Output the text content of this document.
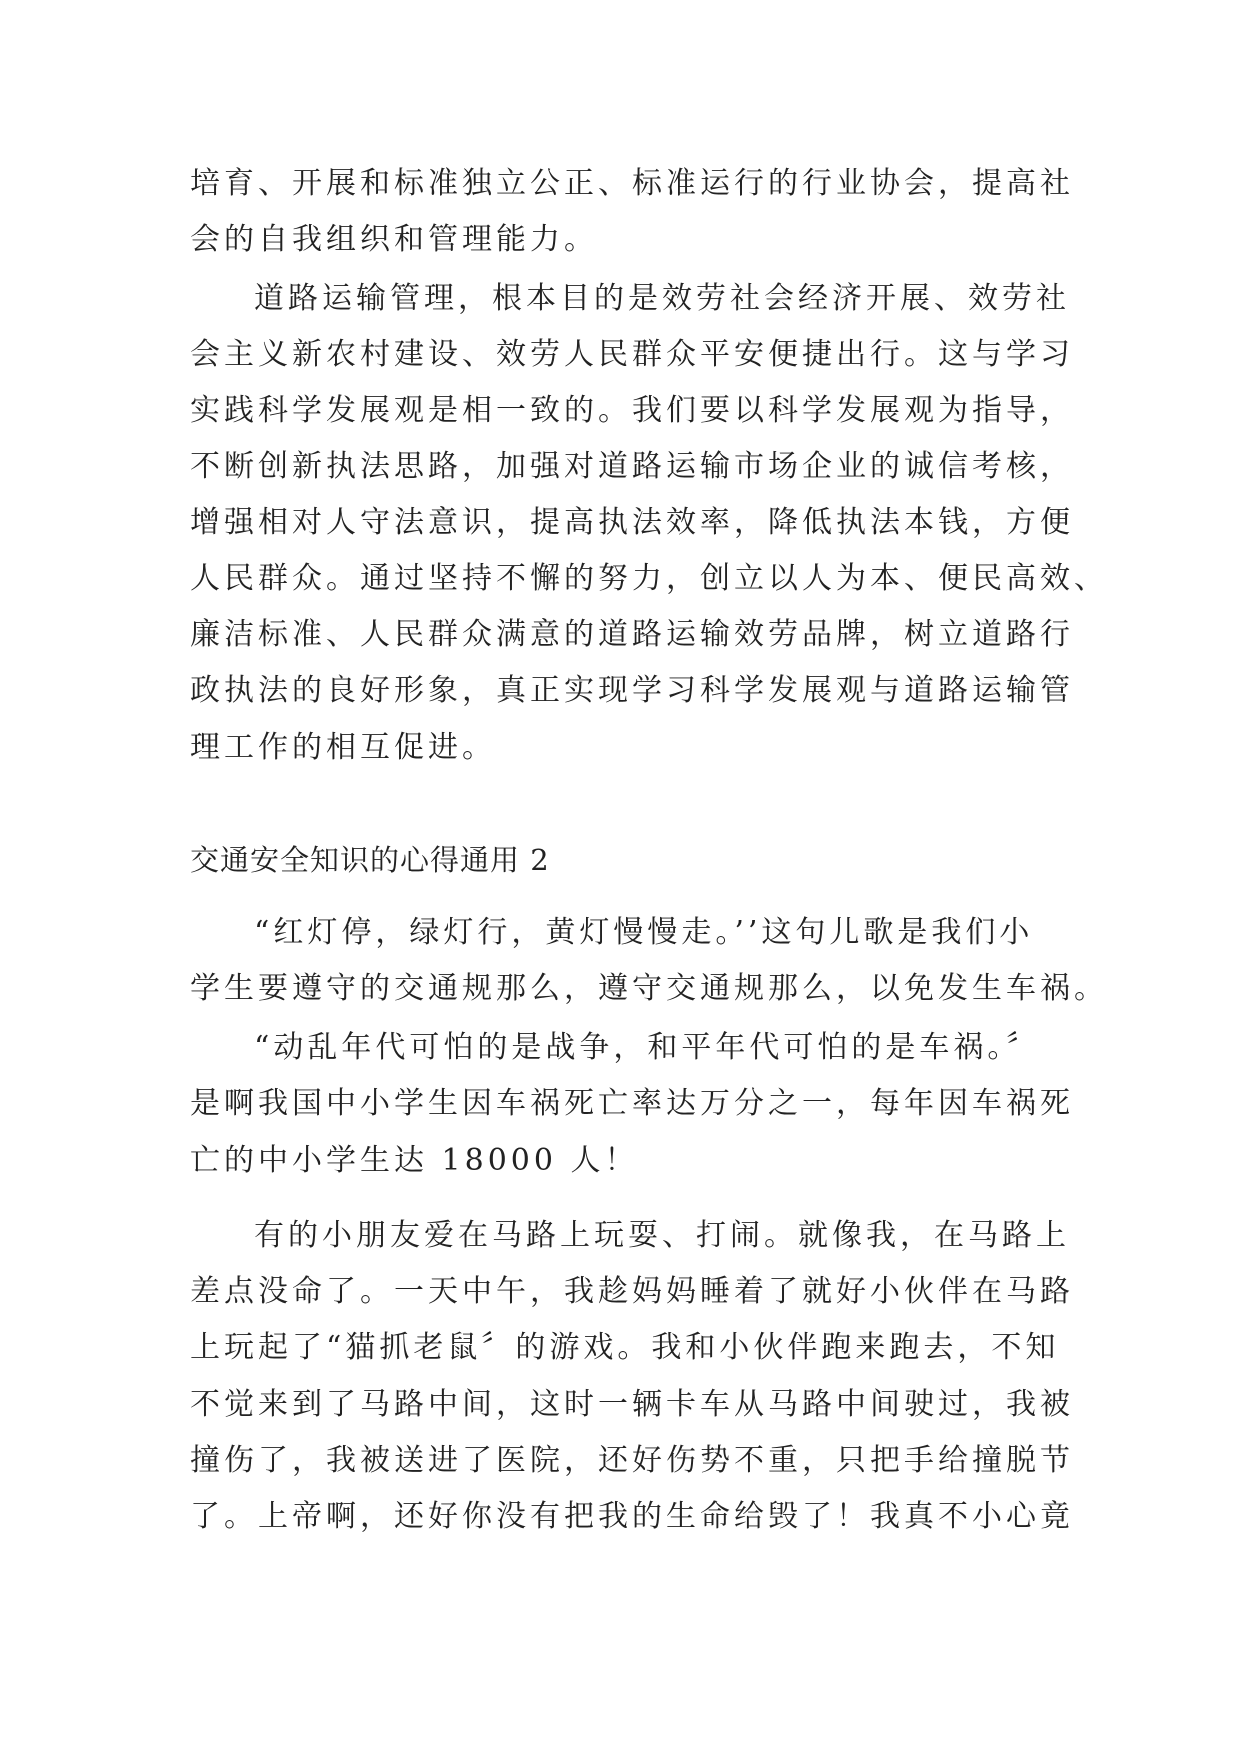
培育、开展和标准独立公正、标准运行的行业协会，提高社
会的自我组织和管理能力。
道路运输管理，根本目的是效劳社会经济开展、效劳社
会主义新农村建设、效劳人民群众平安便捷出行。这与学习
实践科学发展观是相一致的。我们要以科学发展观为指导，
不断创新执法思路，加强对道路运输市场企业的诚信考核，
增强相对人守法意识，提高执法效率，降低执法本钱，方便
人民群众。通过坚持不懈的努力，创立以人为本、便民高效、
廉洁标准、人民群众满意的道路运输效劳品牌，树立道路行
政执法的良好形象，真正实现学习科学发展观与道路运输管
理工作的相互促进。
交通安全知识的心得通用 2
“红灯停，绿灯行，黄灯慢慢走。’’这句儿歌是我们小
学生要遵守的交通规那么，遵守交通规那么，以免发生车祸。
“动乱年代可怕的是战争，和平年代可怕的是车祸。〞
是啊我国中小学生因车祸死亡率达万分之一，每年因车祸死
亡的中小学生达 18000 人！
有的小朋友爱在马路上玩耍、打闹。就像我，在马路上
差点没命了。一天中午，我趁妈妈睡着了就好小伙伴在马路
上玩起了“猫抓老鼠〞的游戏。我和小伙伴跑来跑去，不知
不觉来到了马路中间，这时一辆卡车从马路中间驶过，我被
撞伤了，我被送进了医院，还好伤势不重，只把手给撞脱节
了。上帝啊，还好你没有把我的生命给毁了！我真不小心竟
